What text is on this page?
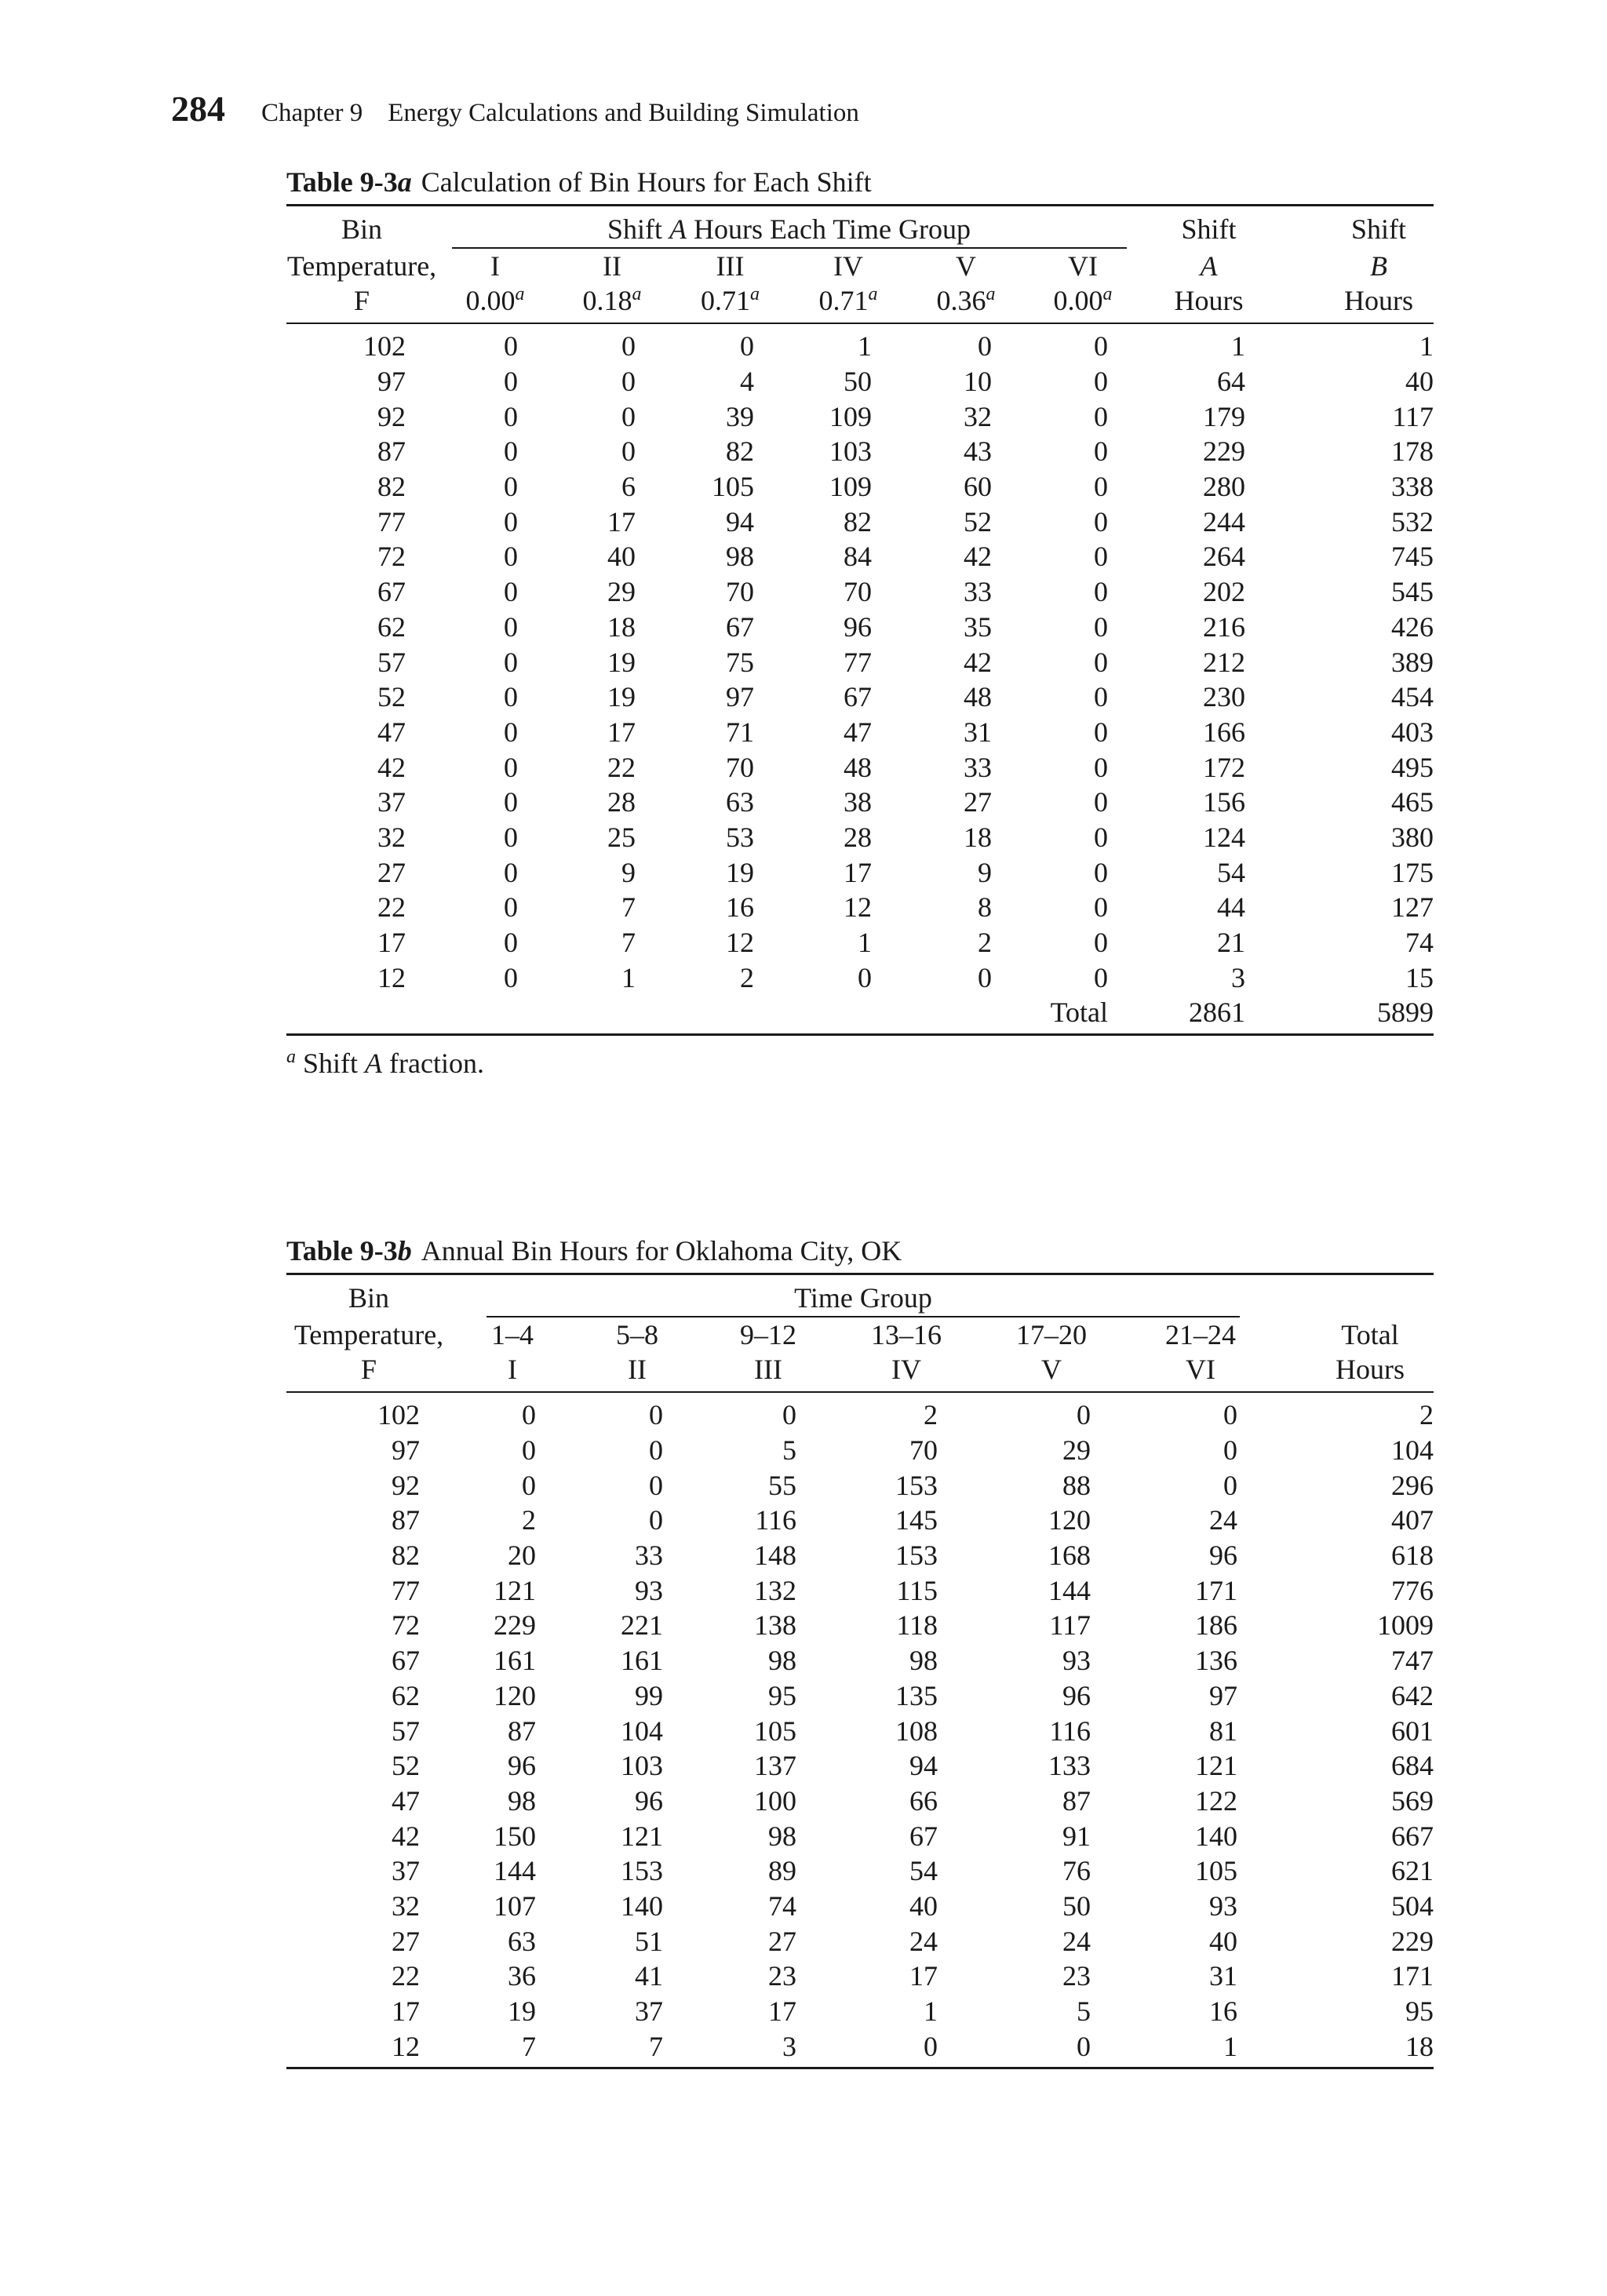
284 Chapter 9 Energy Calculations and Building Simulation
Table 9-3a Calculation of Bin Hours for Each Shift
Bin	Shift A Hours Each Time Group						Shift	Shift
Temperature,	I	II	III	IV	V	VI	A	B
F	0.00$^a$	0.18$^a$	0.71$^a$	0.71$^a$	0.36$^a$	0.00$^a$	Hours	Hours
102	0	0	0	1	0	0	1	1
97	0	0	4	50	10	0	64	40
92	0	0	39	109	32	0	179	117
87	0	0	82	103	43	0	229	178
82	0	6	105	109	60	0	280	338
77	0	17	94	82	52	0	244	532
72	0	40	98	84	42	0	264	745
67	0	29	70	70	33	0	202	545
62	0	18	67	96	35	0	216	426
57	0	19	75	77	42	0	212	389
52	0	19	97	67	48	0	230	454
47	0	17	71	47	31	0	166	403
42	0	22	70	48	33	0	172	495
37	0	28	63	38	27	0	156	465
32	0	25	53	28	18	0	124	380
27	0	9	19	17	9	0	54	175
22	0	7	16	12	8	0	44	127
17	0	7	12	1	2	0	21	74
12	0	1	2	0	0	0	3	15
						Total	2861	5899
$^a$ Shift A fraction.
Table 9-3b Annual Bin Hours for Oklahoma City, OK
Bin	Time Group						
Temperature,	1–4	5–8	9–12	13–16	17–20	21–24	Total
F	I	II	III	IV	V	VI	Hours
102	0	0	0	2	0	0	2
97	0	0	5	70	29	0	104
92	0	0	55	153	88	0	296
87	2	0	116	145	120	24	407
82	20	33	148	153	168	96	618
77	121	93	132	115	144	171	776
72	229	221	138	118	117	186	1009
67	161	161	98	98	93	136	747
62	120	99	95	135	96	97	642
57	87	104	105	108	116	81	601
52	96	103	137	94	133	121	684
47	98	96	100	66	87	122	569
42	150	121	98	67	91	140	667
37	144	153	89	54	76	105	621
32	107	140	74	40	50	93	504
27	63	51	27	24	24	40	229
22	36	41	23	17	23	31	171
17	19	37	17	1	5	16	95
12	7	7	3	0	0	1	18
